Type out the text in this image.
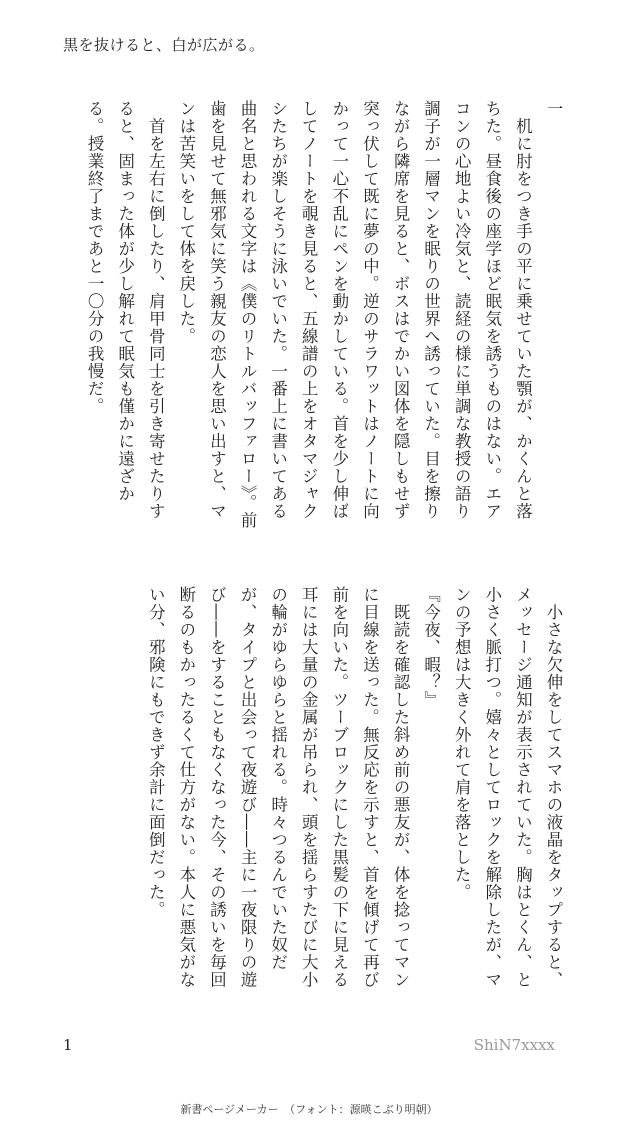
黒を抜けると、白が広がる。

一

　机に肘をつき手の平に乗せていた顎が、かくんと落ちた。昼食後の座学ほど眠気を誘うものはない。エアコンの心地よい冷気と、読経の様に単調な教授の語り調子が一層マンを眠りの世界へ誘っていた。目を擦りながら隣席を見ると、ボスはでかい図体を隠しもせず突っ伏して既に夢の中。逆のサラワットはノートに向かって一心不乱にペンを動かしている。首を少し伸ばしてノートを覗き見ると、五線譜の上をオタマジャクシたちが楽しそうに泳いでいた。一番上に書いてある曲名と思われる文字は《僕のリトルバッファロー》。前歯を見せて無邪気に笑う親友の恋人を思い出すと、マンは苦笑いをして体を戻した。

　首を左右に倒したり、肩甲骨同士を引き寄せたりすると、固まった体が少し解れて眠気も僅かに遠ざかる。授業終了まであと一〇分の我慢だ。

　小さな欠伸をしてスマホの液晶をタップすると、メッセージ通知が表示されていた。胸はとくん、と小さく脈打つ。嬉々としてロックを解除したが、マンの予想は大きく外れて肩を落とした。

『今夜、暇？』

　既読を確認した斜め前の悪友が、体を捻ってマンに目線を送った。無反応を示すと、首を傾げて再び前を向いた。ツーブロックにした黒髪の下に見える耳には大量の金属が吊られ、頭を揺らすたびに大小の輪がゆらゆらと揺れる。時々つるんでいた奴だが、タイプと出会って夜遊び――主に一夜限りの遊び――をすることもなくなった今、その誘いを毎回断るのもかったるくて仕方がない。本人に悪気がない分、邪険にもできず余計に面倒だった。

1	ShiN7xxxx
新書ページメーカー　（フォント：源暎こぶり明朝）
